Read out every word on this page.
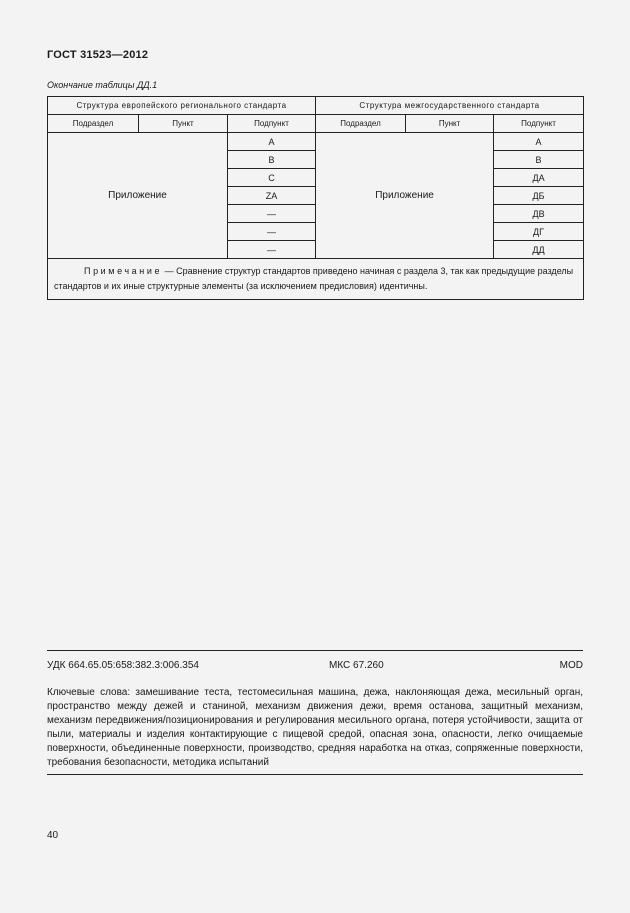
ГОСТ 31523—2012
Окончание таблицы ДД.1
Структура европейского регионального стандарта			Структура межгосударственного стандарта		
Подраздел	Пункт	Подпункт	Подраздел	Пункт	Подпункт
Приложение		A	Приложение		А
		B			В
		C			ДА
		ZA			ДБ
		—			ДВ
		—			ДГ
		—			ДД
Примечание — Сравнение структур стандартов приведено начиная с раздела 3, так как предыдущие разделы стандартов и их иные структурные элементы (за исключением предисловия) идентичны.					
УДК 664.65.05:658:382.3:006.354	МКС 67.260	MOD
Ключевые слова: замешивание теста, тестомесильная машина, дежа, наклоняющая дежа, месильный орган, пространство между дежей и станиной, механизм движения дежи, время останова, защитный механизм, механизм передвижения/позиционирования и регулирования месильного органа, потеря устойчивости, защита от пыли, материалы и изделия контактирующие с пищевой средой, опасная зона, опасности, легко очищаемые поверхности, объединенные поверхности, производство, средняя наработка на отказ, сопряженные поверхности, требования безопасности, методика испытаний
40
